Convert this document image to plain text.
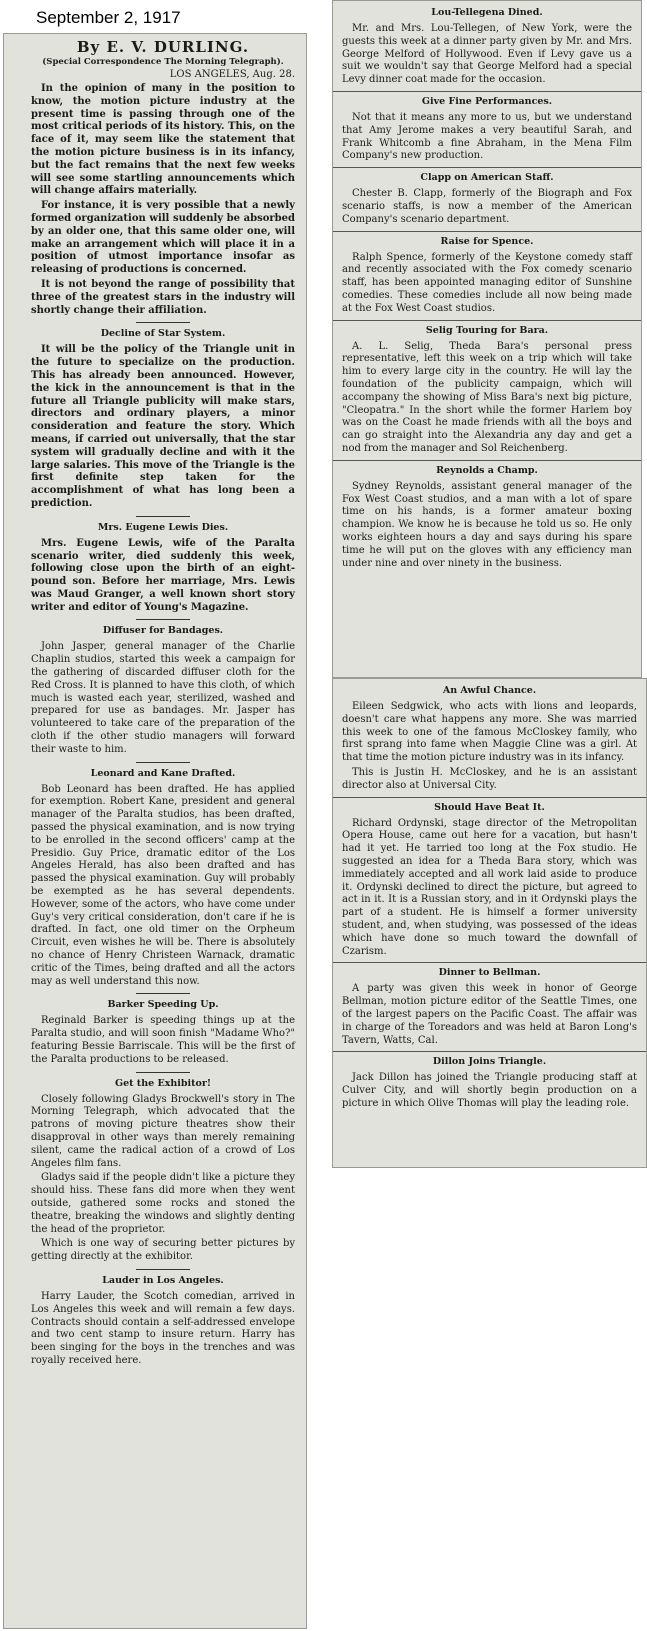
September 2, 1917
By E. V. DURLING.
(Special Correspondence The Morning Telegraph).
LOS ANGELES, Aug. 28.

In the opinion of many in the position to know, the motion picture industry at the present time is passing through one of the most critical periods of its history. This, on the face of it, may seem like the statement that the motion picture business is in its infancy, but the fact remains that the next few weeks will see some startling announcements which will change affairs materially.

For instance, it is very possible that a newly formed organization will suddenly be absorbed by an older one, that this same older one, will make an arrangement which will place it in a position of utmost importance insofar as releasing of productions is concerned.

It is not beyond the range of possibility that three of the greatest stars in the industry will shortly change their affiliation.

Decline of Star System.

It will be the policy of the Triangle unit in the future to specialize on the production. This has already been announced. However, the kick in the announcement is that in the future all Triangle publicity will make stars, directors and ordinary players, a minor consideration and feature the story. Which means, if carried out universally, that the star system will gradually decline and with it the large salaries. This move of the Triangle is the first definite step taken for the accomplishment of what has long been a prediction.

Mrs. Eugene Lewis Dies.

Mrs. Eugene Lewis, wife of the Paralta scenario writer, died suddenly this week, following close upon the birth of an eight-pound son. Before her marriage, Mrs. Lewis was Maud Granger, a well known short story writer and editor of Young's Magazine.

Diffuser for Bandages.

John Jasper, general manager of the Charlie Chaplin studios, started this week a campaign for the gathering of discarded diffuser cloth for the Red Cross. It is planned to have this cloth, of which much is wasted each year, sterilized, washed and prepared for use as bandages. Mr. Jasper has volunteered to take care of the preparation of the cloth if the other studio managers will forward their waste to him.

Leonard and Kane Drafted.

Bob Leonard has been drafted. He has applied for exemption. Robert Kane, president and general manager of the Paralta studios, has been drafted, passed the physical examination, and is now trying to be enrolled in the second officers' camp at the Presidio. Guy Price, dramatic editor of the Los Angeles Herald, has also been drafted and has passed the physical examination. Guy will probably be exempted as he has several dependents. However, some of the actors, who have come under Guy's very critical consideration, don't care if he is drafted. In fact, one old timer on the Orpheum Circuit, even wishes he will be. There is absolutely no chance of Henry Christeen Warnack, dramatic critic of the Times, being drafted and all the actors may as well understand this now.

Barker Speeding Up.

Reginald Barker is speeding things up at the Paralta studio, and will soon finish "Madame Who?" featuring Bessie Barriscale. This will be the first of the Paralta productions to be released.

Get the Exhibitor!

Closely following Gladys Brockwell's story in The Morning Telegraph, which advocated that the patrons of moving picture theatres show their disapproval in other ways than merely remaining silent, came the radical action of a crowd of Los Angeles film fans.

Gladys said if the people didn't like a picture they should hiss. These fans did more when they went outside, gathered some rocks and stoned the theatre, breaking the windows and slightly denting the head of the proprietor.

Which is one way of securing better pictures by getting directly at the exhibitor.

Lauder in Los Angeles.

Harry Lauder, the Scotch comedian, arrived in Los Angeles this week and will remain a few days. Contracts should contain a self-addressed envelope and two cent stamp to insure return. Harry has been singing for the boys in the trenches and was royally received here.

Lou-Tellegena Dined.

Mr. and Mrs. Lou-Tellegen, of New York, were the guests this week at a dinner party given by Mr. and Mrs. George Melford of Hollywood. Even if Levy gave us a suit we wouldn't say that George Melford had a special Levy dinner coat made for the occasion.

Give Fine Performances.

Not that it means any more to us, but we understand that Amy Jerome makes a very beautiful Sarah, and Frank Whitcomb a fine Abraham, in the Mena Film Company's new production.

Clapp on American Staff.

Chester B. Clapp, formerly of the Biograph and Fox scenario staffs, is now a member of the American Company's scenario department.

Raise for Spence.

Ralph Spence, formerly of the Keystone comedy staff and recently associated with the Fox comedy scenario staff, has been appointed managing editor of Sunshine comedies. These comedies include all now being made at the Fox West Coast studios.

Selig Touring for Bara.

A. L. Selig, Theda Bara's personal press representative, left this week on a trip which will take him to every large city in the country. He will lay the foundation of the publicity campaign, which will accompany the showing of Miss Bara's next big picture, "Cleopatra." In the short while the former Harlem boy was on the Coast he made friends with all the boys and can go straight into the Alexandria any day and get a nod from the manager and Sol Reichenberg.

Reynolds a Champ.

Sydney Reynolds, assistant general manager of the Fox West Coast studios, and a man with a lot of spare time on his hands, is a former amateur boxing champion. We know he is because he told us so. He only works eighteen hours a day and says during his spare time he will put on the gloves with any efficiency man under nine and over ninety in the business.

An Awful Chance.

Eileen Sedgwick, who acts with lions and leopards, doesn't care what happens any more. She was married this week to one of the famous McCloskey family, who first sprang into fame when Maggie Cline was a girl. At that time the motion picture industry was in its infancy.

This is Justin H. McCloskey, and he is an assistant director also at Universal City.

Should Have Beat It.

Richard Ordynski, stage director of the Metropolitan Opera House, came out here for a vacation, but hasn't had it yet. He tarried too long at the Fox studio. He suggested an idea for a Theda Bara story, which was immediately accepted and all work laid aside to produce it. Ordynski declined to direct the picture, but agreed to act in it. It is a Russian story, and in it Ordynski plays the part of a student. He is himself a former university student, and, when studying, was possessed of the ideas which have done so much toward the downfall of Czarism.

Dinner to Bellman.

A party was given this week in honor of George Bellman, motion picture editor of the Seattle Times, one of the largest papers on the Pacific Coast. The affair was in charge of the Toreadors and was held at Baron Long's Tavern, Watts, Cal.

Dillon Joins Triangle.

Jack Dillon has joined the Triangle producing staff at Culver City, and will shortly begin production on a picture in which Olive Thomas will play the leading role.
